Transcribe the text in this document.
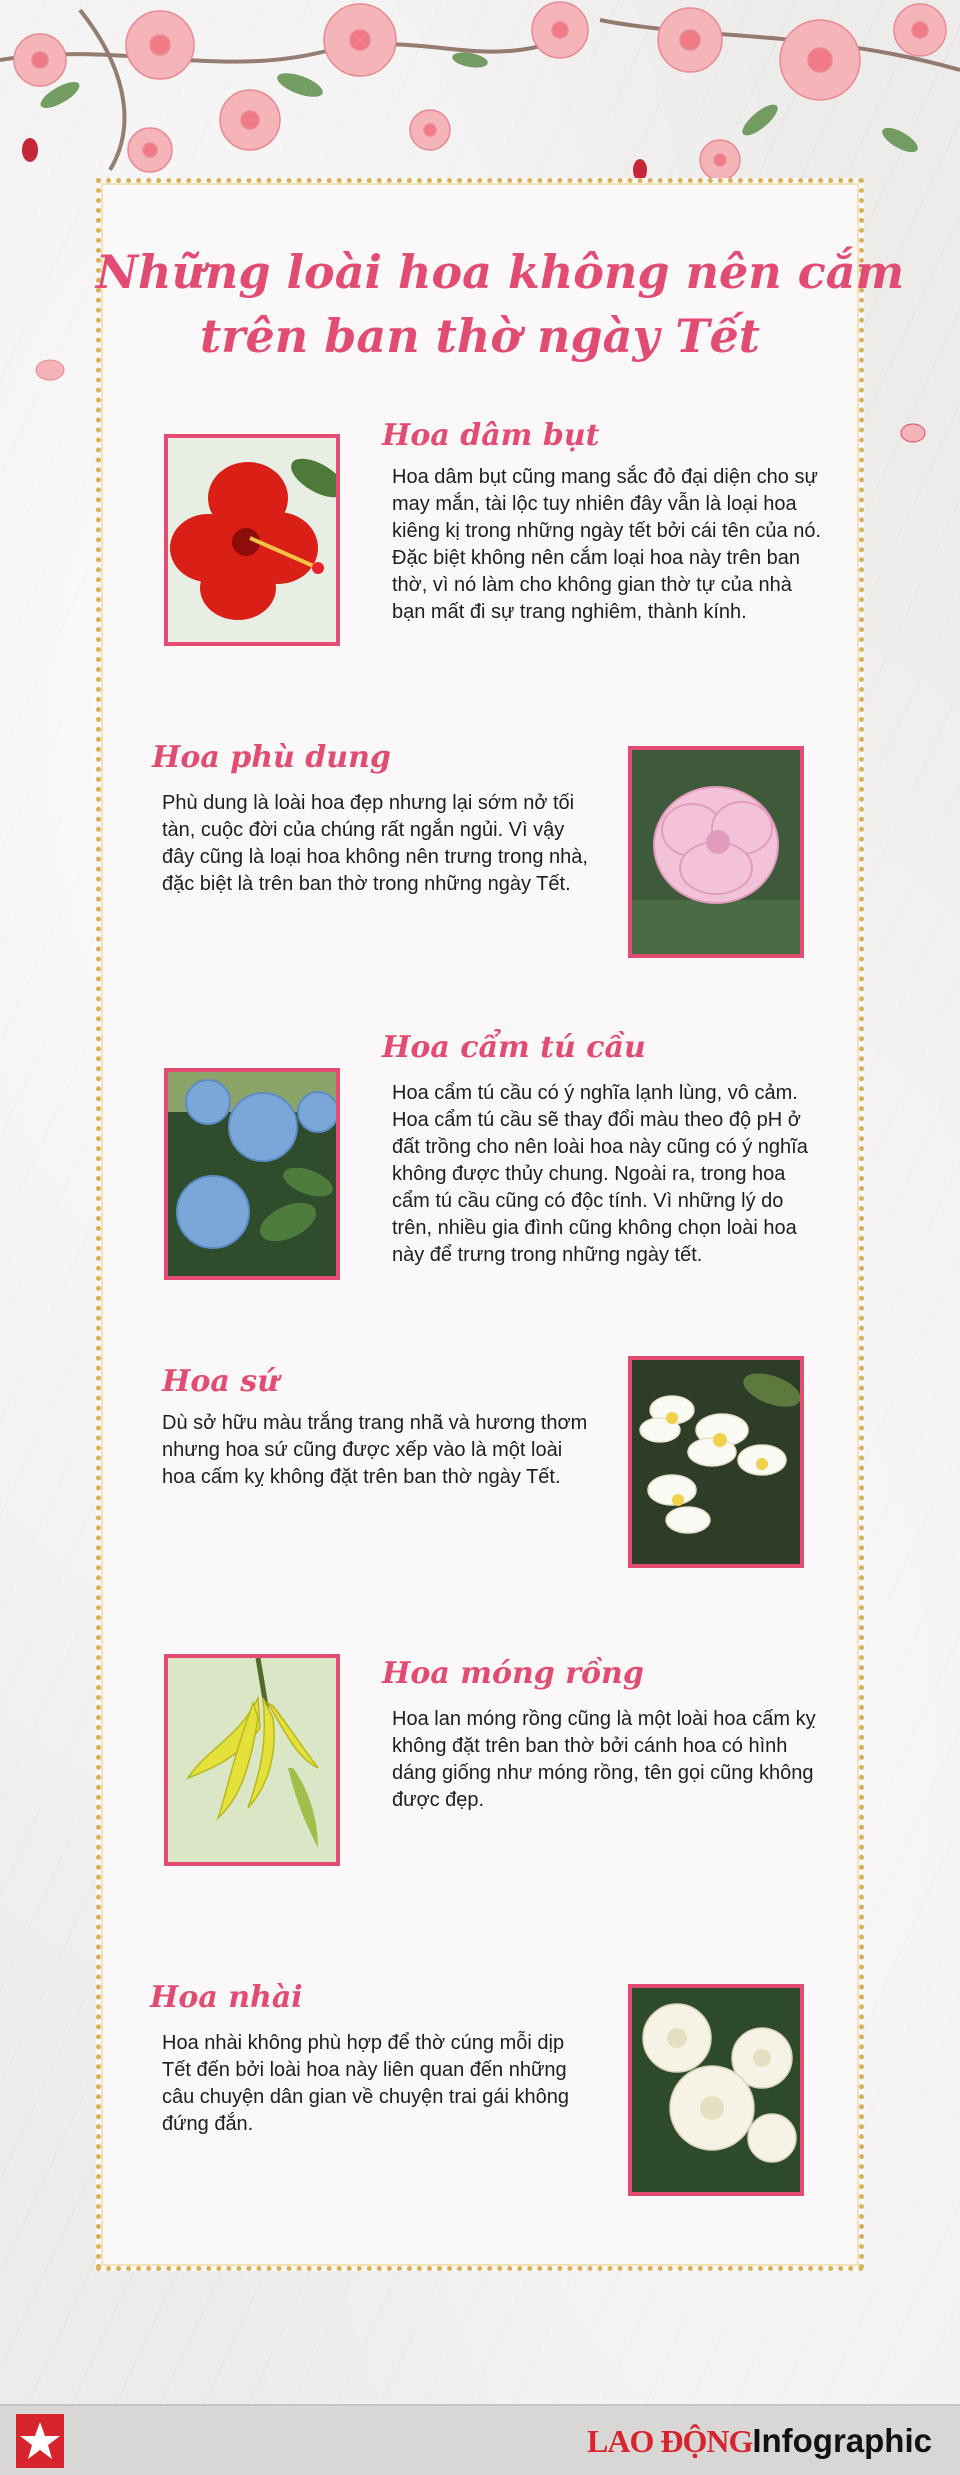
Những loài hoa không nên cắm
trên ban thờ ngày Tết
Hoa dâm bụt
Hoa dâm bụt cũng mang sắc đỏ đại diện cho sự may mắn, tài lộc tuy nhiên đây vẫn là loại hoa kiêng kị trong những ngày tết bởi cái tên của nó. Đặc biệt không nên cắm loại hoa này trên ban thờ, vì nó làm cho không gian thờ tự của nhà bạn mất đi sự trang nghiêm, thành kính.
Hoa phù dung
Phù dung là loài hoa đẹp nhưng lại sớm nở tối tàn, cuộc đời của chúng rất ngắn ngủi. Vì vậy đây cũng là loại hoa không nên trưng trong nhà, đặc biệt là trên ban thờ trong những ngày Tết.
Hoa cẩm tú cầu
Hoa cẩm tú cầu có ý nghĩa lạnh lùng, vô cảm. Hoa cẩm tú cầu sẽ thay đổi màu theo độ pH ở đất trồng cho nên loài hoa này cũng có ý nghĩa không được thủy chung. Ngoài ra, trong hoa cẩm tú cầu cũng có độc tính. Vì những lý do trên, nhiều gia đình cũng không chọn loài hoa này để trưng trong những ngày tết.
Hoa sứ
Dù sở hữu màu trắng trang nhã và hương thơm nhưng hoa sứ cũng được xếp vào là một loài hoa cấm kỵ không đặt trên ban thờ ngày Tết.
Hoa móng rồng
Hoa lan móng rồng cũng là một loài hoa cấm kỵ không đặt trên ban thờ bởi cánh hoa có hình dáng giống như móng rồng, tên gọi cũng không được đẹp.
Hoa nhài
Hoa nhài không phù hợp để thờ cúng mỗi dịp Tết đến bởi loài hoa này liên quan đến những câu chuyện dân gian về chuyện trai gái không đứng đắn.
LAO ĐỘNGInfographic
